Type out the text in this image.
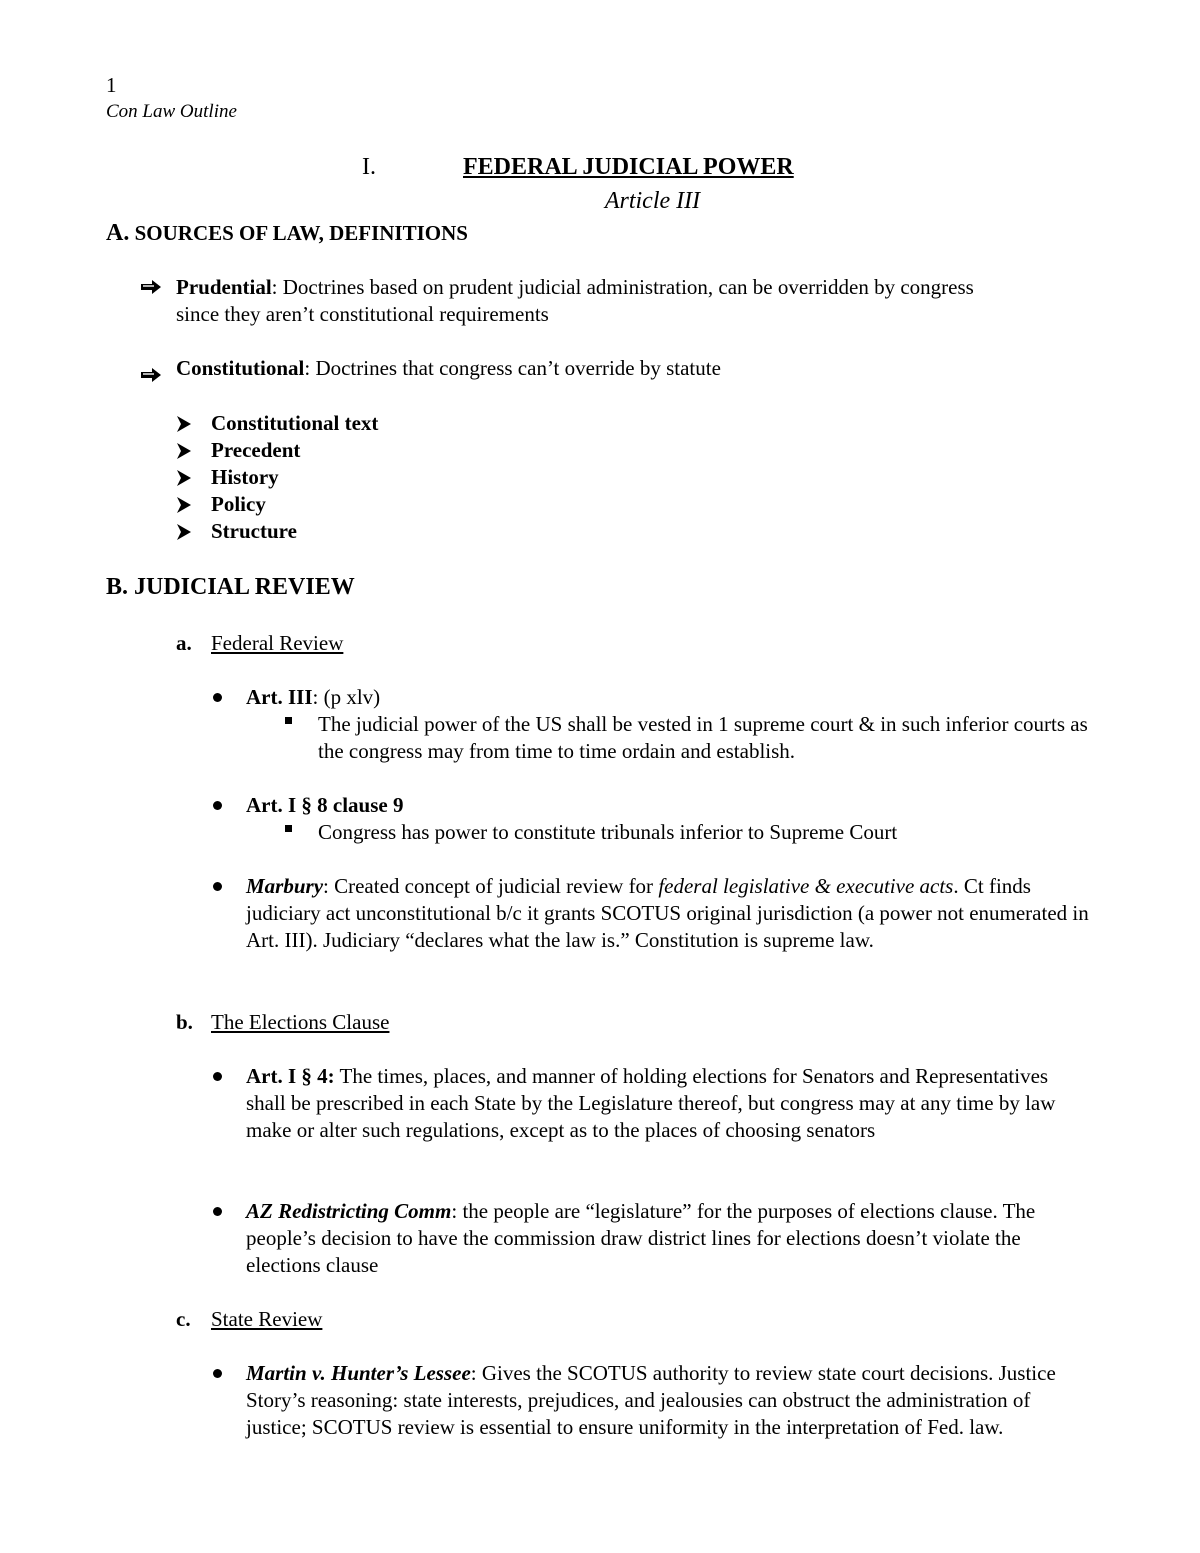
1
Con Law Outline
I.	FEDERAL JUDICIAL POWER
Article III
A. SOURCES OF LAW, DEFINITIONS
Prudential: Doctrines based on prudent judicial administration, can be overridden by congress
since they aren’t constitutional requirements
Constitutional: Doctrines that congress can’t override by statute
Constitutional text
Precedent
History
Policy
Structure
B. JUDICIAL REVIEW
a. Federal Review
Art. III: (p xlv)
The judicial power of the US shall be vested in 1 supreme court & in such inferior courts as the congress may from time to time ordain and establish.
Art. I § 8 clause 9
Congress has power to constitute tribunals inferior to Supreme Court
Marbury: Created concept of judicial review for federal legislative & executive acts. Ct finds judiciary act unconstitutional b/c it grants SCOTUS original jurisdiction (a power not enumerated in Art. III). Judiciary “declares what the law is.” Constitution is supreme law.
b. The Elections Clause
Art. I § 4: The times, places, and manner of holding elections for Senators and Representatives shall be prescribed in each State by the Legislature thereof, but congress may at any time by law make or alter such regulations, except as to the places of choosing senators
AZ Redistricting Comm: the people are “legislature” for the purposes of elections clause. The people’s decision to have the commission draw district lines for elections doesn’t violate the elections clause
c. State Review
Martin v. Hunter’s Lessee: Gives the SCOTUS authority to review state court decisions. Justice Story’s reasoning: state interests, prejudices, and jealousies can obstruct the administration of justice; SCOTUS review is essential to ensure uniformity in the interpretation of Fed. law.
